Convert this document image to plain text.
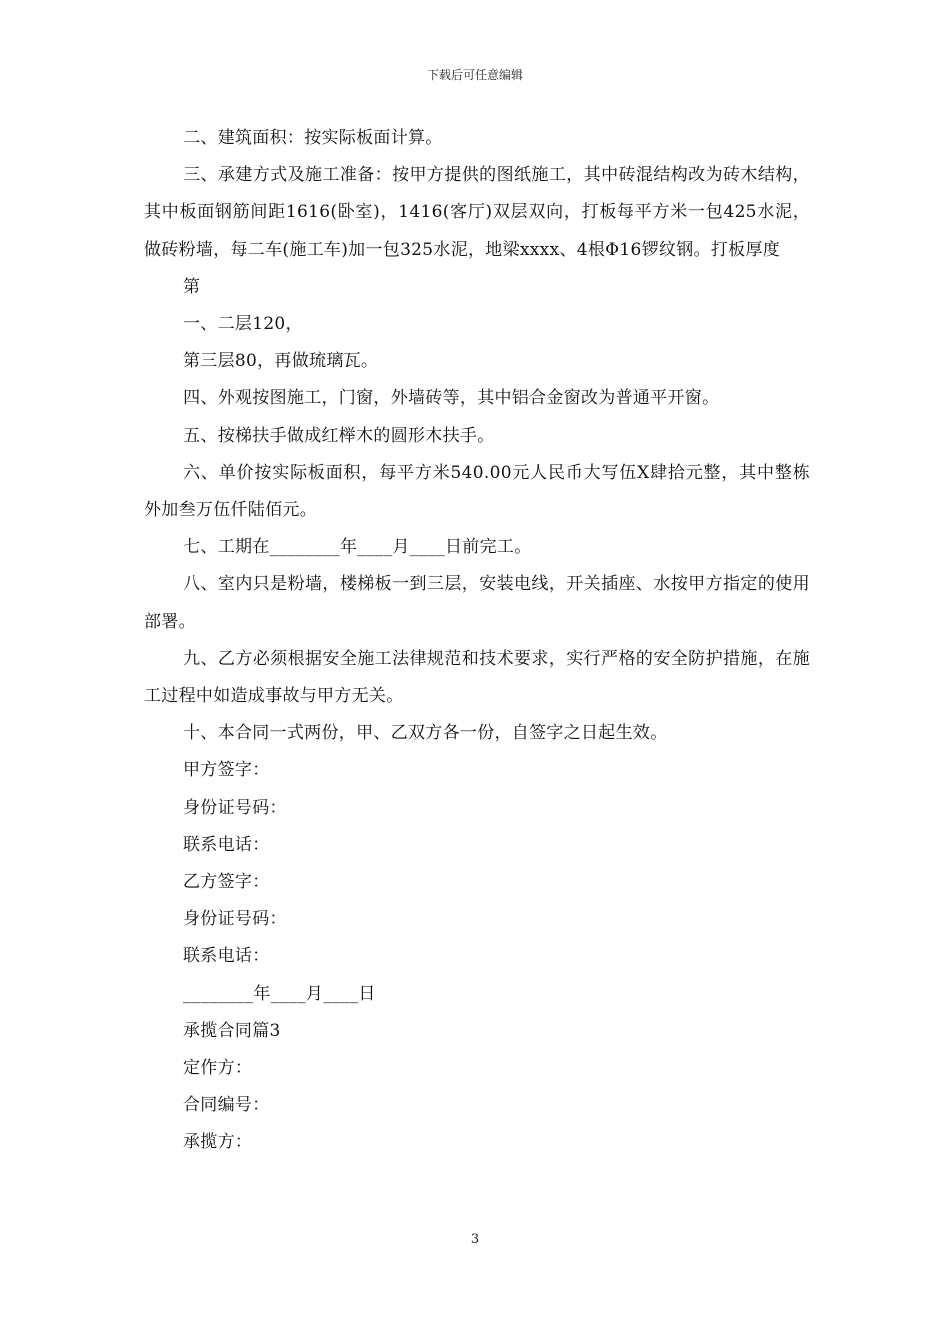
下载后可任意编辑

二、建筑面积：按实际板面计算。

三、承建方式及施工准备：按甲方提供的图纸施工，其中砖混结构改为砖木结构，其中板面钢筋间距1616(卧室)，1416(客厅)双层双向，打板每平方米一包425水泥，做砖粉墙，每二车(施工车)加一包325水泥，地梁xxxx、4根Φ16锣纹钢。打板厚度

第

一、二层120，

第三层80，再做琉璃瓦。

四、外观按图施工，门窗，外墙砖等，其中铝合金窗改为普通平开窗。

五、按梯扶手做成红榉木的圆形木扶手。

六、单价按实际板面积，每平方米540.00元人民币大写伍X肆拾元整，其中整栋外加叁万伍仟陆佰元。

七、工期在________年____月____日前完工。

八、室内只是粉墙，楼梯板一到三层，安装电线，开关插座、水按甲方指定的使用部署。

九、乙方必须根据安全施工法律规范和技术要求，实行严格的安全防护措施，在施工过程中如造成事故与甲方无关。

十、本合同一式两份，甲、乙双方各一份，自签字之日起生效。

甲方签字：

身份证号码：

联系电话：

乙方签字：

身份证号码：

联系电话：

________年____月____日

承揽合同篇3

定作方：

合同编号：

承揽方：

3
